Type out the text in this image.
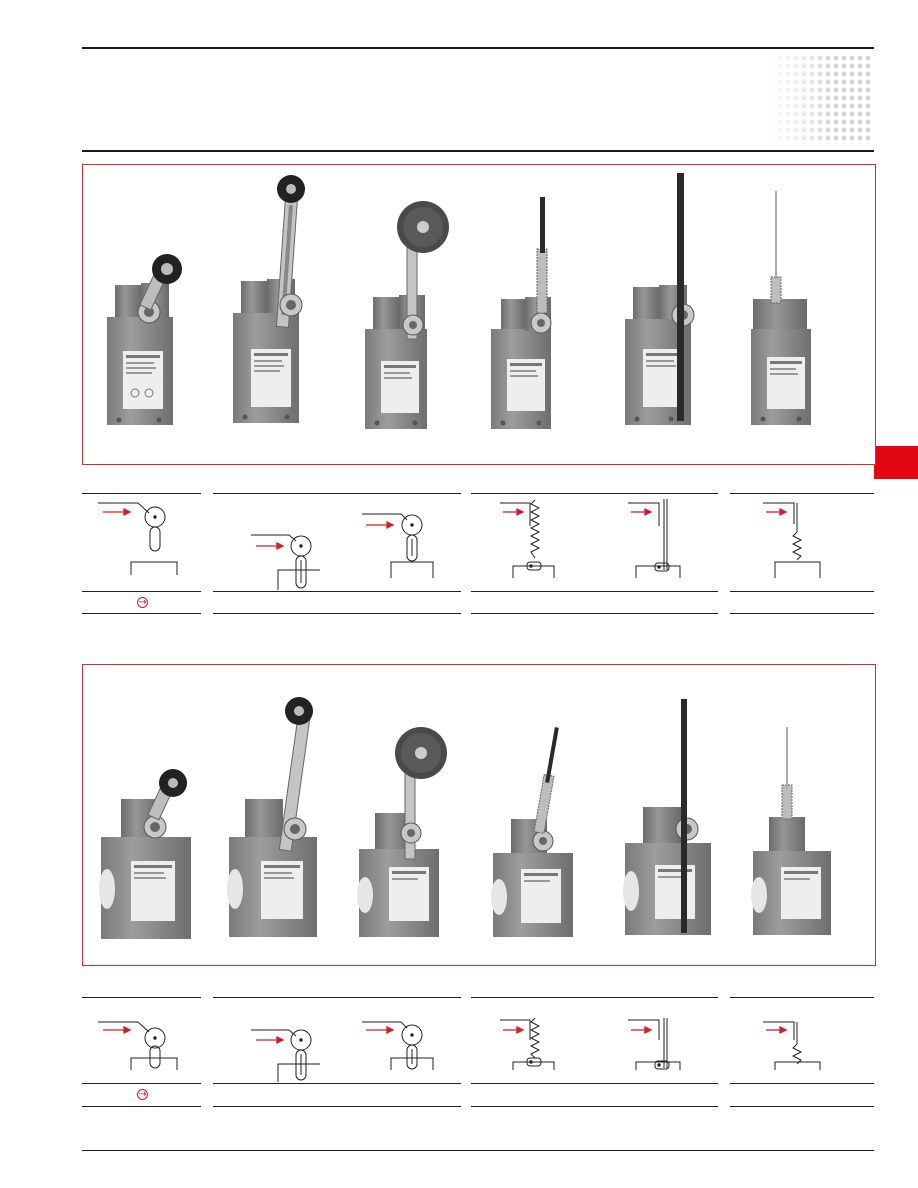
→
→
